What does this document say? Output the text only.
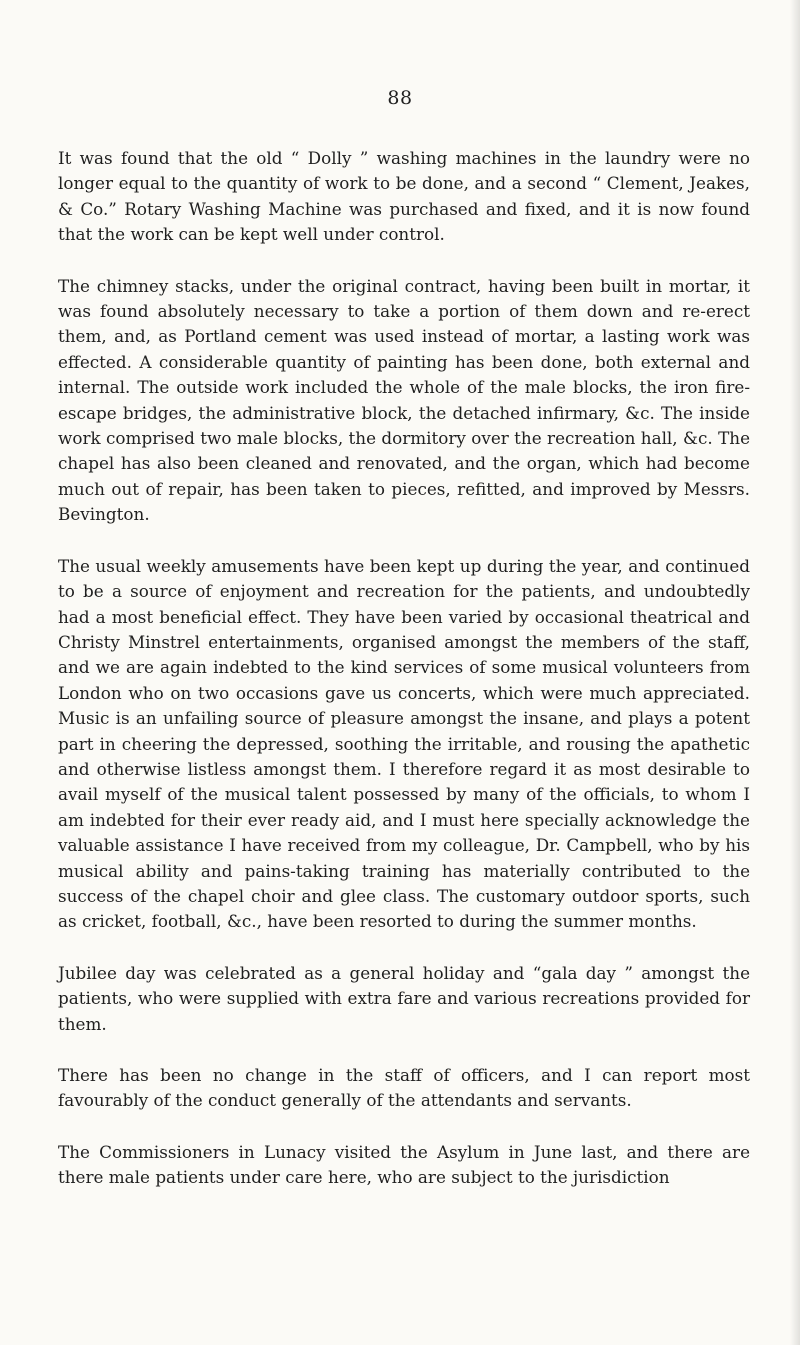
88

It was found that the old “ Dolly ” washing machines in the laundry were no longer equal to the quantity of work to be done, and a second “ Clement, Jeakes, & Co.” Rotary Washing Machine was purchased and fixed, and it is now found that the work can be kept well under control.

The chimney stacks, under the original contract, having been built in mortar, it was found absolutely necessary to take a portion of them down and re-erect them, and, as Portland cement was used instead of mortar, a lasting work was effected. A considerable quantity of painting has been done, both external and internal. The outside work included the whole of the male blocks, the iron fire-escape bridges, the administrative block, the detached infirmary, &c. The inside work comprised two male blocks, the dormitory over the recreation hall, &c. The chapel has also been cleaned and renovated, and the organ, which had become much out of repair, has been taken to pieces, refitted, and improved by Messrs. Bevington.

The usual weekly amusements have been kept up during the year, and continued to be a source of enjoyment and recreation for the patients, and undoubtedly had a most beneficial effect. They have been varied by occasional theatrical and Christy Minstrel entertainments, organised amongst the members of the staff, and we are again indebted to the kind services of some musical volunteers from London who on two occasions gave us concerts, which were much appreciated. Music is an unfailing source of pleasure amongst the insane, and plays a potent part in cheering the depressed, soothing the irritable, and rousing the apathetic and otherwise listless amongst them. I therefore regard it as most desirable to avail myself of the musical talent possessed by many of the officials, to whom I am indebted for their ever ready aid, and I must here specially acknowledge the valuable assistance I have received from my colleague, Dr. Campbell, who by his musical ability and pains-taking training has materially contributed to the success of the chapel choir and glee class. The customary outdoor sports, such as cricket, football, &c., have been resorted to during the summer months.

Jubilee day was celebrated as a general holiday and “gala day ” amongst the patients, who were supplied with extra fare and various recreations provided for them.

There has been no change in the staff of officers, and I can report most favourably of the conduct generally of the attendants and servants.

The Commissioners in Lunacy visited the Asylum in June last, and there are there male patients under care here, who are subject to the jurisdiction
